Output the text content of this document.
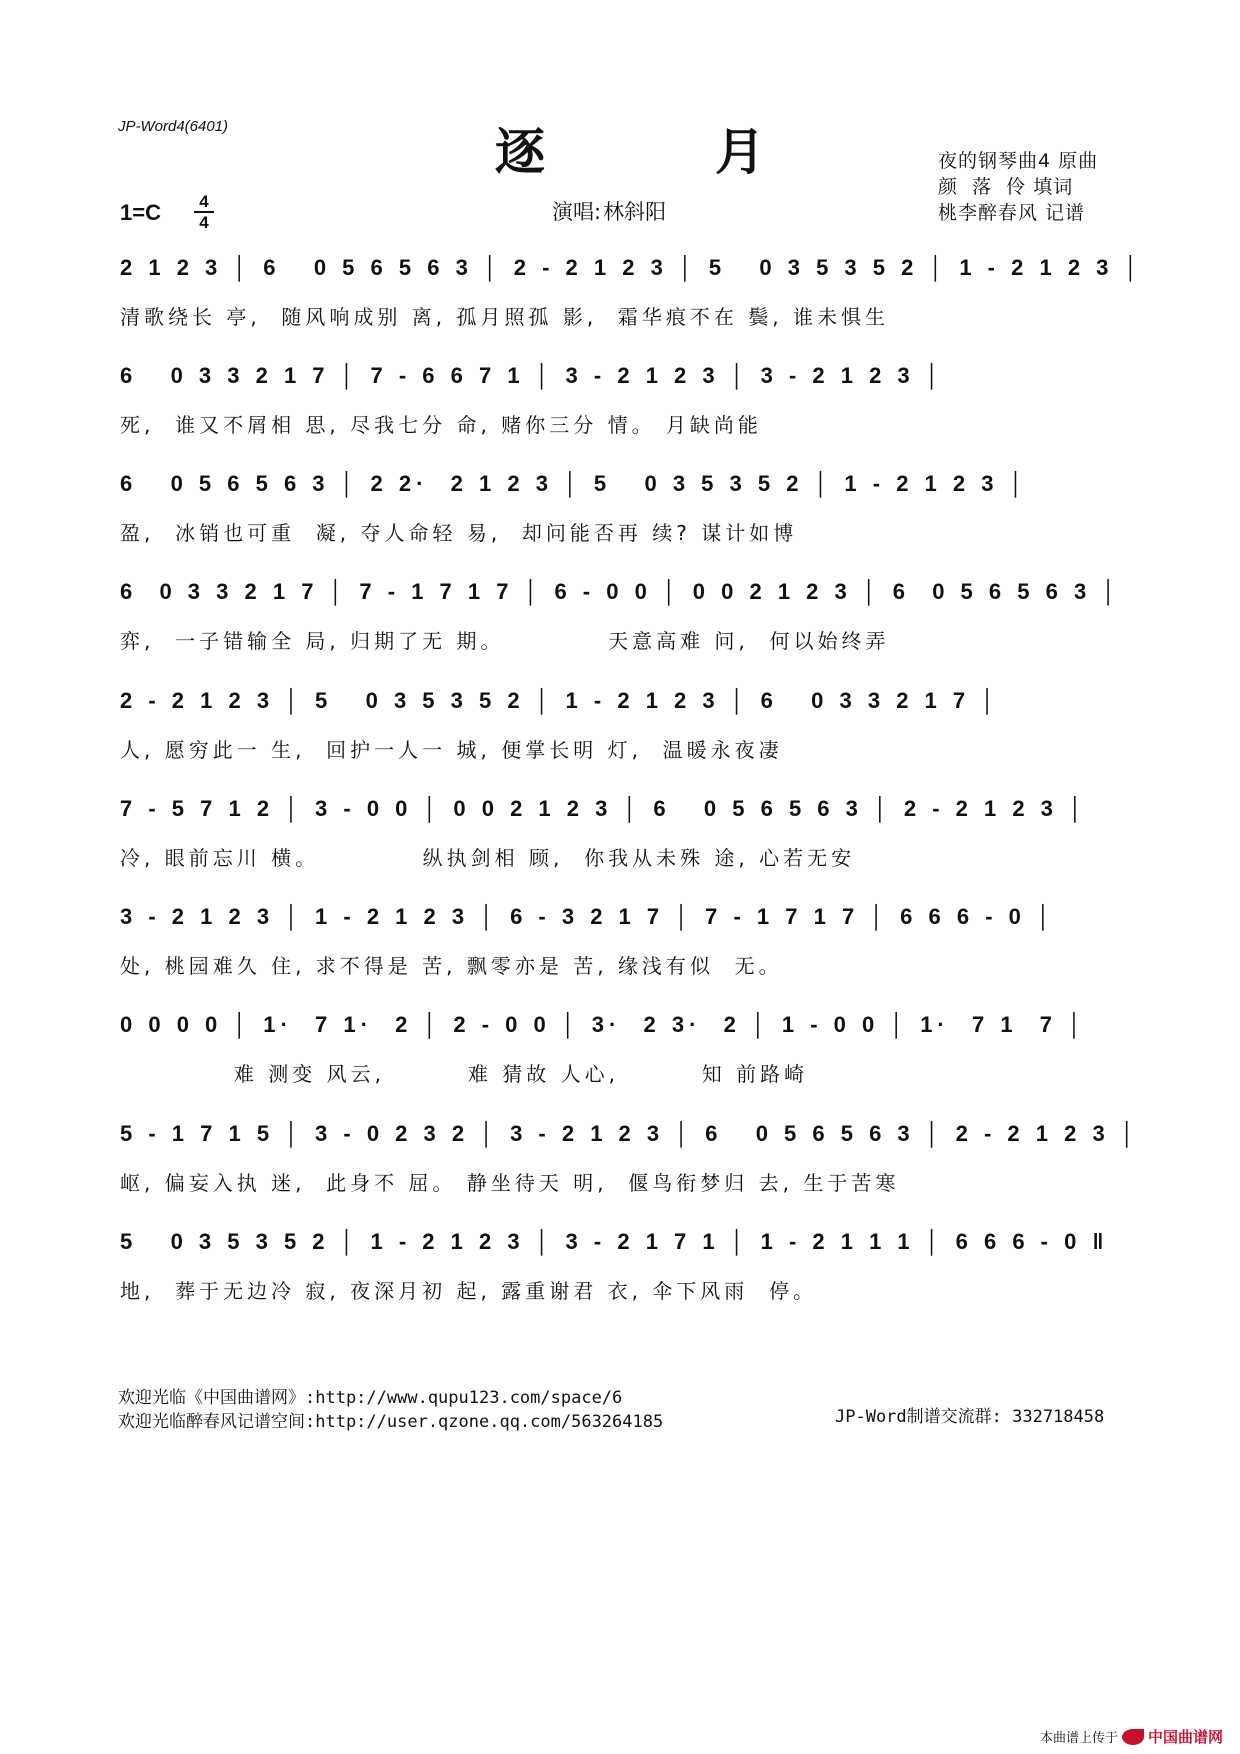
JP-Word4(6401)	逐	月	夜的钢琴曲4 原曲
颜  落  伶 填词
桃李醉春风 记谱
1=C	4
4	演唱:林斜阳
2 1 2 3 │ 6   0 5 6 5 6 3 │ 2 - 2 1 2 3 │ 5   0 3 5 3 5 2 │ 1 - 2 1 2 3 │
清歌绕长 亭,  随风响成别 离, 孤月照孤 影,  霜华痕不在 鬓, 谁未惧生
6   0 3 3 2 1 7 │ 7 - 6 6 7 1 │ 3 - 2 1 2 3 │ 3 - 2 1 2 3 │
死,  谁又不屑相 思, 尽我七分 命, 赌你三分 情。 月缺尚能
6   0 5 6 5 6 3 │ 2 2·  2 1 2 3 │ 5   0 3 5 3 5 2 │ 1 - 2 1 2 3 │
盈,  冰销也可重  凝, 夺人命轻 易,  却问能否再 续? 谋计如博
6  0 3 3 2 1 7 │ 7 - 1 7 1 7 │ 6 - 0 0 │ 0 0 2 1 2 3 │ 6  0 5 6 5 6 3 │
弈,  一子错输全 局, 归期了无 期。          天意高难 问,  何以始终弄
2 - 2 1 2 3 │ 5   0 3 5 3 5 2 │ 1 - 2 1 2 3 │ 6   0 3 3 2 1 7 │
人, 愿穷此一 生,  回护一人一 城, 便掌长明 灯,  温暖永夜凄
7 - 5 7 1 2 │ 3 - 0 0 │ 0 0 2 1 2 3 │ 6   0 5 6 5 6 3 │ 2 - 2 1 2 3 │
冷, 眼前忘川 横。          纵执剑相 顾,  你我从未殊 途, 心若无安
3 - 2 1 2 3 │ 1 - 2 1 2 3 │ 6 - 3 2 1 7 │ 7 - 1 7 1 7 │ 6 6 6 - 0 │
处, 桃园难久 住, 求不得是 苦, 飘零亦是 苦, 缘浅有似  无。
0 0 0 0 │ 1·  7 1·  2 │ 2 - 0 0 │ 3·  2 3·  2 │ 1 - 0 0 │ 1·  7 1  7 │
难 测变 风云,        难 猜故 人心,        知 前路崎
5 - 1 7 1 5 │ 3 - 0 2 3 2 │ 3 - 2 1 2 3 │ 6   0 5 6 5 6 3 │ 2 - 2 1 2 3 │
岖, 偏妄入执 迷,  此身不 屈。 静坐待天 明,  偃鸟衔梦归 去, 生于苦寒
5   0 3 5 3 5 2 │ 1 - 2 1 2 3 │ 3 - 2 1 7 1 │ 1 - 2 1 1 1 │ 6 6 6 - 0 ‖
地,  葬于无边冷 寂, 夜深月初 起, 露重谢君 衣, 伞下风雨  停。
欢迎光临《中国曲谱网》:http://www.qupu123.com/space/6
欢迎光临醉春风记谱空间:http://user.qzone.qq.com/563264185	JP-Word制谱交流群: 332718458
本曲谱上传于 中国曲谱网
